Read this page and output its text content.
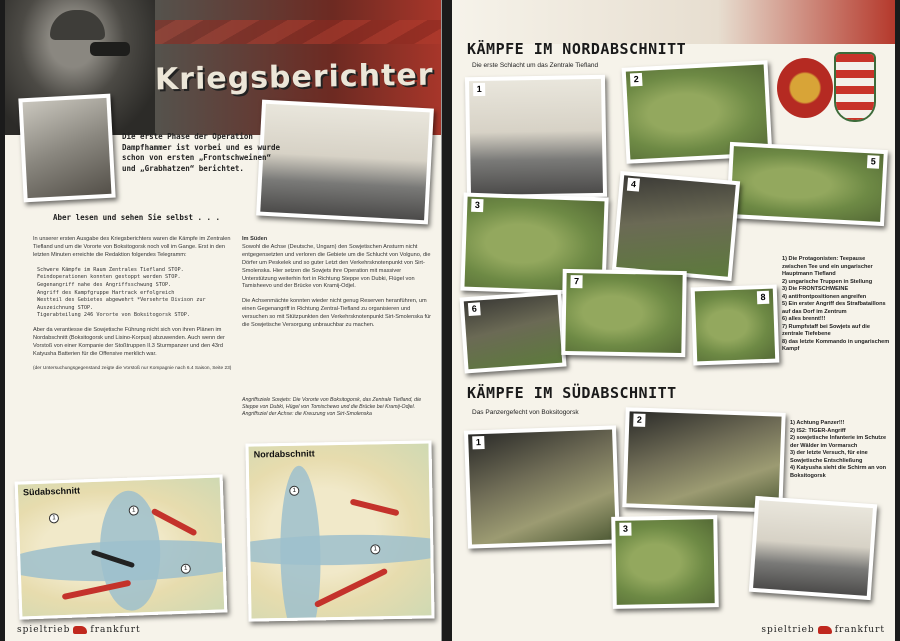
Kriegsberichter
Die erste Phase der Operation Dampfhammer ist vorbei und es wurde schon von ersten „Frontschweinen“ und „Grabhatzen“ berichtet.
Aber lesen und sehen Sie selbst . . .

In unserer ersten Ausgabe des Kriegsberichters waren die Kämpfe im Zentralen Tiefland und um die Vororte von Boksitogorsk noch voll im Gange. Erst in den letzten Minuten erreichte die Redaktion folgendes Telegramm:

Schwere Kämpfe im Raum Zentrales Tiefland STOP.
Feindoperationen konnten gestoppt werden STOP.
Gegenangriff nahe des Angriffsschwung STOP.
Angriff des Kampfgruppe Hartrack erfolgreich
Westteil des Gebietes abgewehrt *Versehrte Divison zur Auszeichnung STOP.
Tigerabteilung 246 Vororte von Boksitogorsk STOP.

Aber da verantiesse die Sowjetische Führung nicht sich von ihren Plänen im Nordabschnitt (Boksitogorsk und Lisino-Korpus) abzuwenden. Auch wenn der Vorstoß von einer Kompanie der Stoßtruppen II.3 Sturmpanzer und den 43rd Katyusha Batterien für die Offensive merklich war.

(der Untersuchungsgegenstand zeigte die Vorstoß nur Kompagnie nach 6.4 Saison, Seite 23)

Im Süden

Sowohl die Achse (Deutsche, Ungarn) den Sowjetischen Ansturm nicht entgegensetzten und verloren die Gebiete um die Schlucht von Volguno, die Dörfer um Peskelek und so guter Letzt den Verkehrsknotenpunkt von Sirt-Smolenska. Hier setzen die Sowjets ihre Operation mit massiver Unterstützung weiterhin fort in Richtung Steppe von Dubki, Flügel von Tamisheevo und der Brücke von Kramij-Odjel.

Die Achsenmächte konnten wieder nicht genug Reserven heranführen, um einen Gegenangriff in Richtung Zentral-Tiefland zu organisieren und versuchen so mit Stützpunkten den Verkehrsknotenpunkt Sirt-Smolenska für die Sowjetische Versorgung unbrauchbar zu machen.

Angriffsziele Sowjets: Die Vororte von Boksitogorsk, das Zentrale Tiefland, die Steppe von Dubki, Hügel von Tomischewo und die Brücke bei Kramij-Odjel. Angriffsziel der Achse: die Kreuzung von Sirt-Smolenska
Südabschnitt
1
1
1
Nordabschnitt
1
1
spieltrieb frankfurt
KÄMPFE IM NORDABSCHNITT
Die erste Schlacht um das Zentrale Tiefland
1
2
5
3
4
6
7
8
1) Die Protagonisten: Teepause zwischen Tee und ein ungarischer Hauptmann Tiefland
2) ungarische Truppen in Stellung
3) Die FRONTSCHWEINE
4) antifrontpositionen angreifen
5) Ein erster Angriff des Strafbataillons auf das Dorf im Zentrum
6) alles brennt!!!
7) Rumpfstaff bei Sowjets auf die zentrale Tiefebene
8) das letzte Kommando in ungarischem Kampf
KÄMPFE IM SÜDABSCHNITT
Das Panzergefecht von Boksitogorsk
1
2
3
1) Achtung Panzer!!!
2) IS2: TIGER-Angriff
2) sowjetische Infanterie im Schutze der Wälder im Vormarsch
3) der letzte Versuch, für eine Sowjetische Entschließung
4) Katyusha sieht die Schirm an von Boksitogorsk
spieltrieb frankfurt
